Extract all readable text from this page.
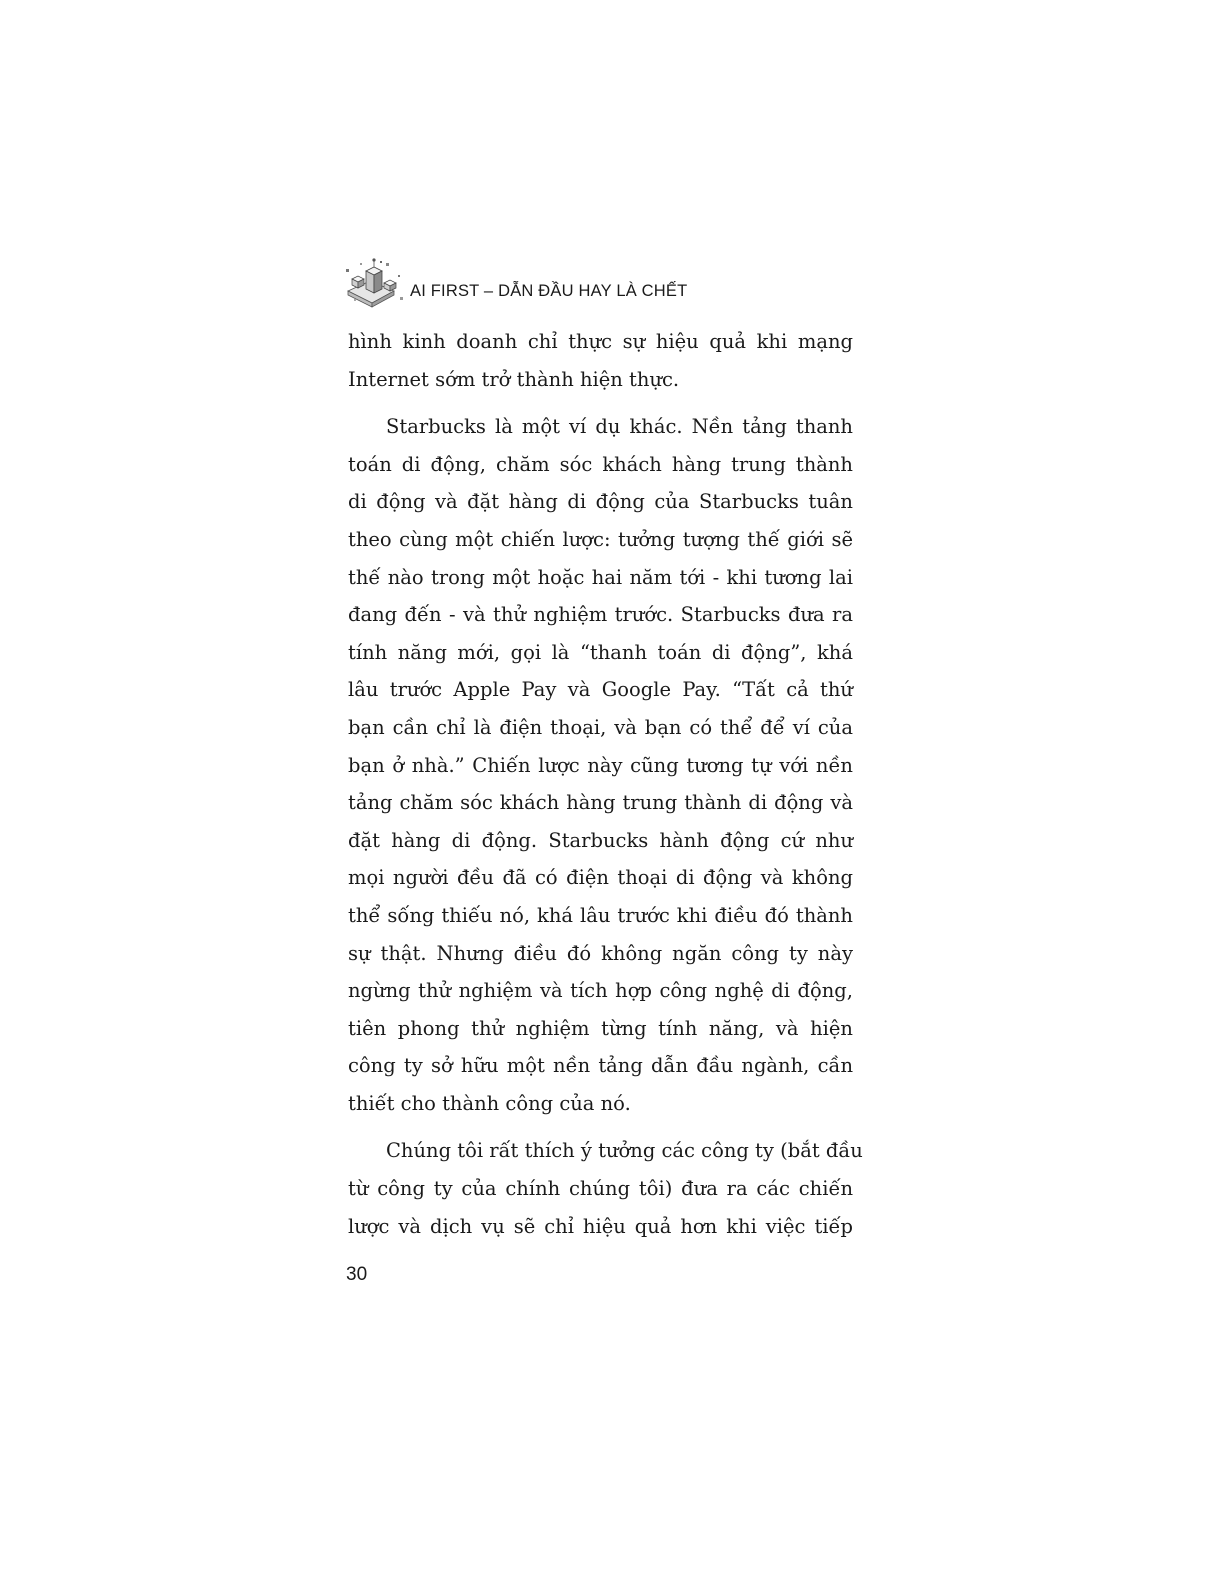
AI FIRST – DẪN ĐẦU HAY LÀ CHẾT

hình kinh doanh chỉ thực sự hiệu quả khi mạng
Internet sớm trở thành hiện thực.

Starbucks là một ví dụ khác. Nền tảng thanh
toán di động, chăm sóc khách hàng trung thành
di động và đặt hàng di động của Starbucks tuân
theo cùng một chiến lược: tưởng tượng thế giới sẽ
thế nào trong một hoặc hai năm tới - khi tương lai
đang đến - và thử nghiệm trước. Starbucks đưa ra
tính năng mới, gọi là “thanh toán di động”, khá
lâu trước Apple Pay và Google Pay. “Tất cả thứ
bạn cần chỉ là điện thoại, và bạn có thể để ví của
bạn ở nhà.” Chiến lược này cũng tương tự với nền
tảng chăm sóc khách hàng trung thành di động và
đặt hàng di động. Starbucks hành động cứ như
mọi người đều đã có điện thoại di động và không
thể sống thiếu nó, khá lâu trước khi điều đó thành
sự thật. Nhưng điều đó không ngăn công ty này
ngừng thử nghiệm và tích hợp công nghệ di động,
tiên phong thử nghiệm từng tính năng, và hiện
công ty sở hữu một nền tảng dẫn đầu ngành, cần
thiết cho thành công của nó.

Chúng tôi rất thích ý tưởng các công ty (bắt đầu
từ công ty của chính chúng tôi) đưa ra các chiến
lược và dịch vụ sẽ chỉ hiệu quả hơn khi việc tiếp

30
